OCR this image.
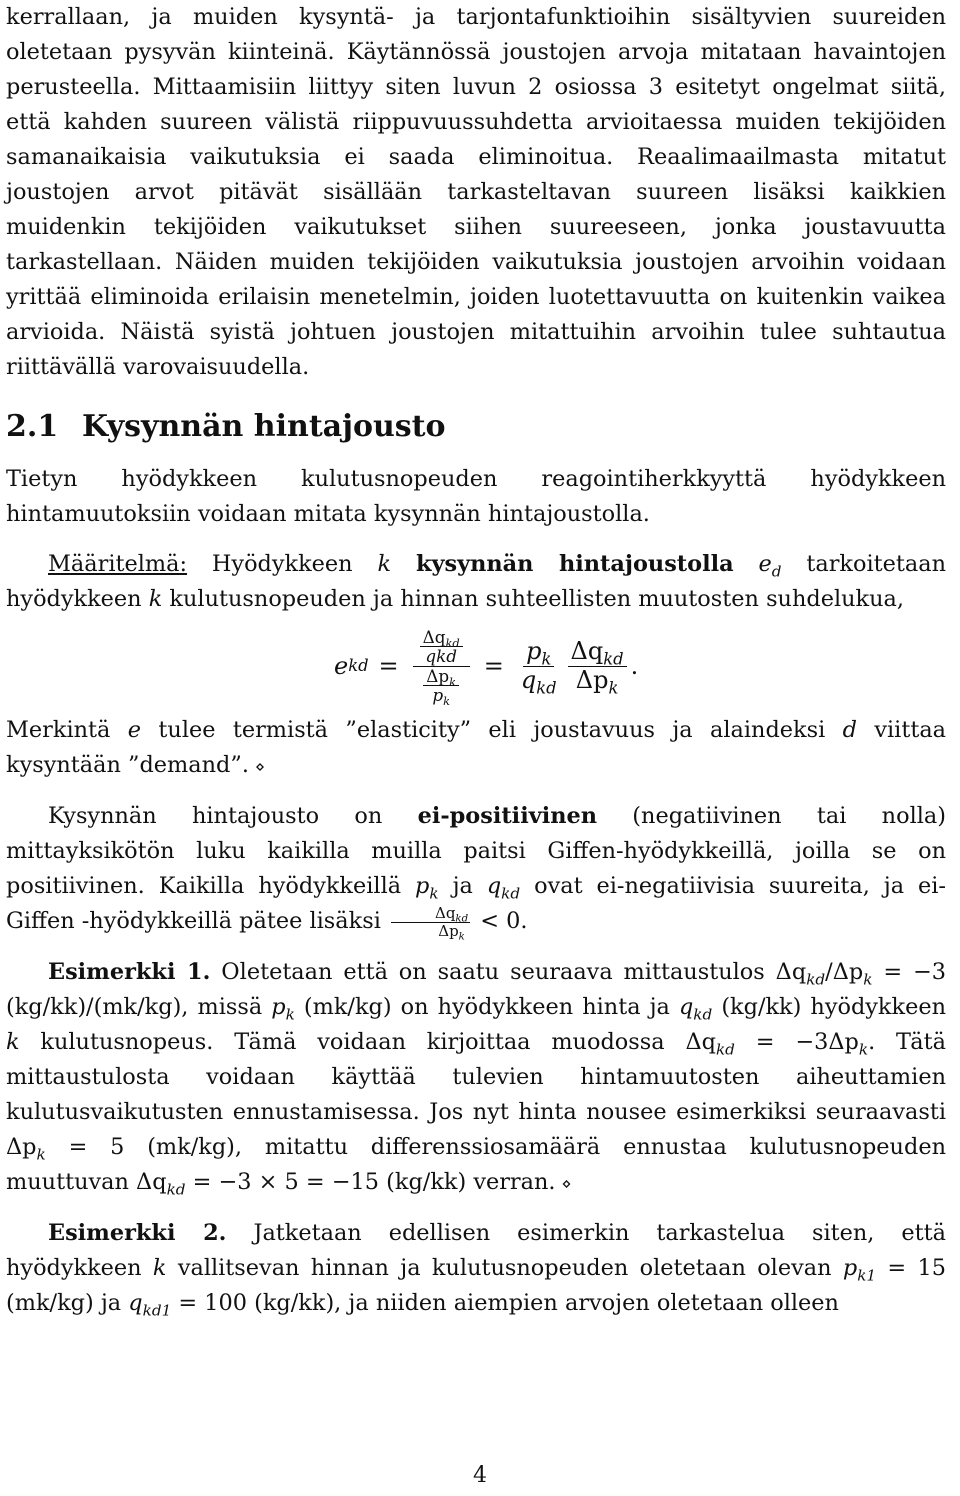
kerrallaan, ja muiden kysyntä- ja tarjontafunktioihin sisältyvien suureiden oletetaan pysyvän kiinteinä. Käytännössä joustojen arvoja mitataan havaintojen perusteella. Mittaamisiin liittyy siten luvun 2 osiossa 3 esitetyt ongelmat siitä, että kahden suureen välistä riippuvuussuhdetta arvioitaessa muiden tekijöiden samanaikaisia vaikutuksia ei saada eliminoitua. Reaalimaailmasta mitatut joustojen arvot pitävät sisällään tarkasteltavan suureen lisäksi kaikkien muidenkin tekijöiden vaikutukset siihen suureeseen, jonka joustavuutta tarkastellaan. Näiden muiden tekijöiden vaikutuksia joustojen arvoihin voidaan yrittää eliminoida erilaisin menetelmin, joiden luotettavuutta on kuitenkin vaikea arvioida. Näistä syistä johtuen joustojen mitattuihin arvoihin tulee suhtautua riittävällä varovaisuudella.

2.1 Kysynnän hintajousto

Tietyn hyödykkeen kulutusnopeuden reagointiherkkyyttä hyödykkeen hintamuutoksiin voidaan mitata kysynnän hintajoustolla.

Määritelmä: Hyödykkeen k kysynnän hintajoustolla $e_d$ tarkoitetaan hyödykkeen k kulutusnopeuden ja hinnan suhteellisten muutosten suhdelukua,

e kd = $\frac{\frac{\Delta q_{kd}}{\text{qkd}}}{\frac{\Delta p_k}{p_k}} = \frac{p_k}{q_{kd}} \frac{\Delta q_{kd}}{\Delta p_k}$ .

Merkintä e tulee termistä ”elasticity” eli joustavuus ja alaindeksi d viittaa kysyntään ”demand”. ⋄

Kysynnän hintajousto on ei-positiivinen (negatiivinen tai nolla) mittayksikötön luku kaikilla muilla paitsi Giffen-hyödykkeillä, joilla se on positiivinen. Kaikilla hyödykkeillä $p_k$ ja $q_{kd}$ ovat ei-negatiivisia suureita, ja ei-Giffen -hyödykkeillä pätee lisäksi $\frac{\Delta q_{kd}}{\Delta p_k} < 0$.

Esimerkki 1. Oletetaan että on saatu seuraava mittaustulos $\Delta q_{kd}/\Delta p_k = -3$ (kg/kk)/(mk/kg), missä $p_k$ (mk/kg) on hyödykkeen hinta ja $q_{kd}$ (kg/kk) hyödykkeen k kulutusnopeus. Tämä voidaan kirjoittaa muodossa $\Delta q_{kd} = -3\Delta p_k$. Tätä mittaustulosta voidaan käyttää tulevien hintamuutosten aiheuttamien kulutusvaikutusten ennustamisessa. Jos nyt hinta nousee esimerkiksi seuraavasti $\Delta p_k = 5$ (mk/kg), mitattu differenssiosamäärä ennustaa kulutusnopeuden muuttuvan $\Delta q_{kd} = -3 \times 5 = -15$ (kg/kk) verran. ⋄

Esimerkki 2. Jatketaan edellisen esimerkin tarkastelua siten, että hyödykkeen k vallitsevan hinnan ja kulutusnopeuden oletetaan olevan $p_{k1} = 15$ (mk/kg) ja $q_{kd1} = 100$ (kg/kk), ja niiden aiempien arvojen oletetaan olleen

4
